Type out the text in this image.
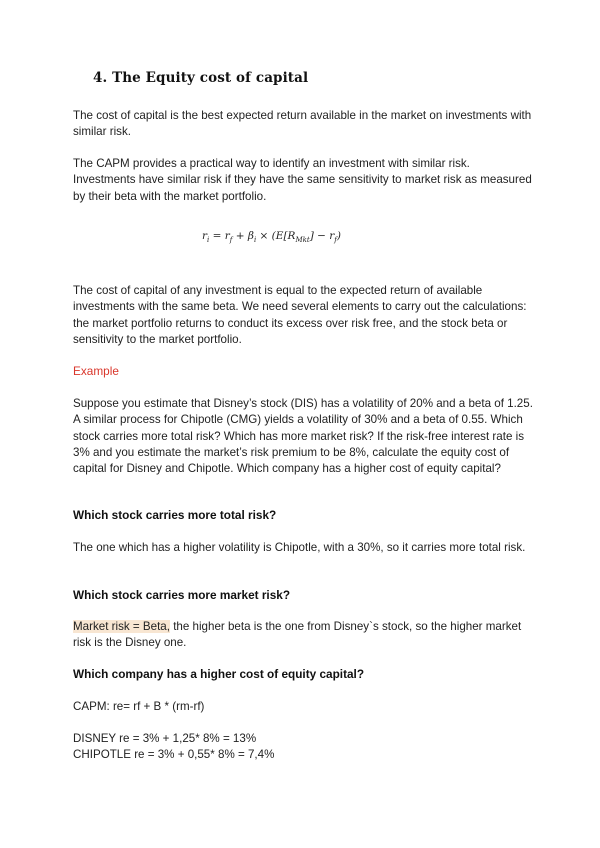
4. The Equity cost of capital

The cost of capital is the best expected return available in the market on investments with similar risk.

The CAPM provides a practical way to identify an investment with similar risk. Investments have similar risk if they have the same sensitivity to market risk as measured by their beta with the market portfolio.

$r_i = r_f + \beta_i \times (E[R_{Mkt}] - r_f)$

The cost of capital of any investment is equal to the expected return of available investments with the same beta. We need several elements to carry out the calculations: the market portfolio returns to conduct its excess over risk free, and the stock beta or sensitivity to the market portfolio.

Example

Suppose you estimate that Disney’s stock (DIS) has a volatility of 20% and a beta of 1.25. A similar process for Chipotle (CMG) yields a volatility of 30% and a beta of 0.55. Which stock carries more total risk? Which has more market risk? If the risk-free interest rate is 3% and you estimate the market’s risk premium to be 8%, calculate the equity cost of capital for Disney and Chipotle. Which company has a higher cost of equity capital?

Which stock carries more total risk?

The one which has a higher volatility is Chipotle, with a 30%, so it carries more total risk.

Which stock carries more market risk?

Market risk = Beta, the higher beta is the one from Disney`s stock, so the higher market risk is the Disney one.

Which company has a higher cost of equity capital?

CAPM: re= rf + B * (rm-rf)

DISNEY re = 3% + 1,25* 8% = 13%
CHIPOTLE re = 3% + 0,55* 8% = 7,4%
